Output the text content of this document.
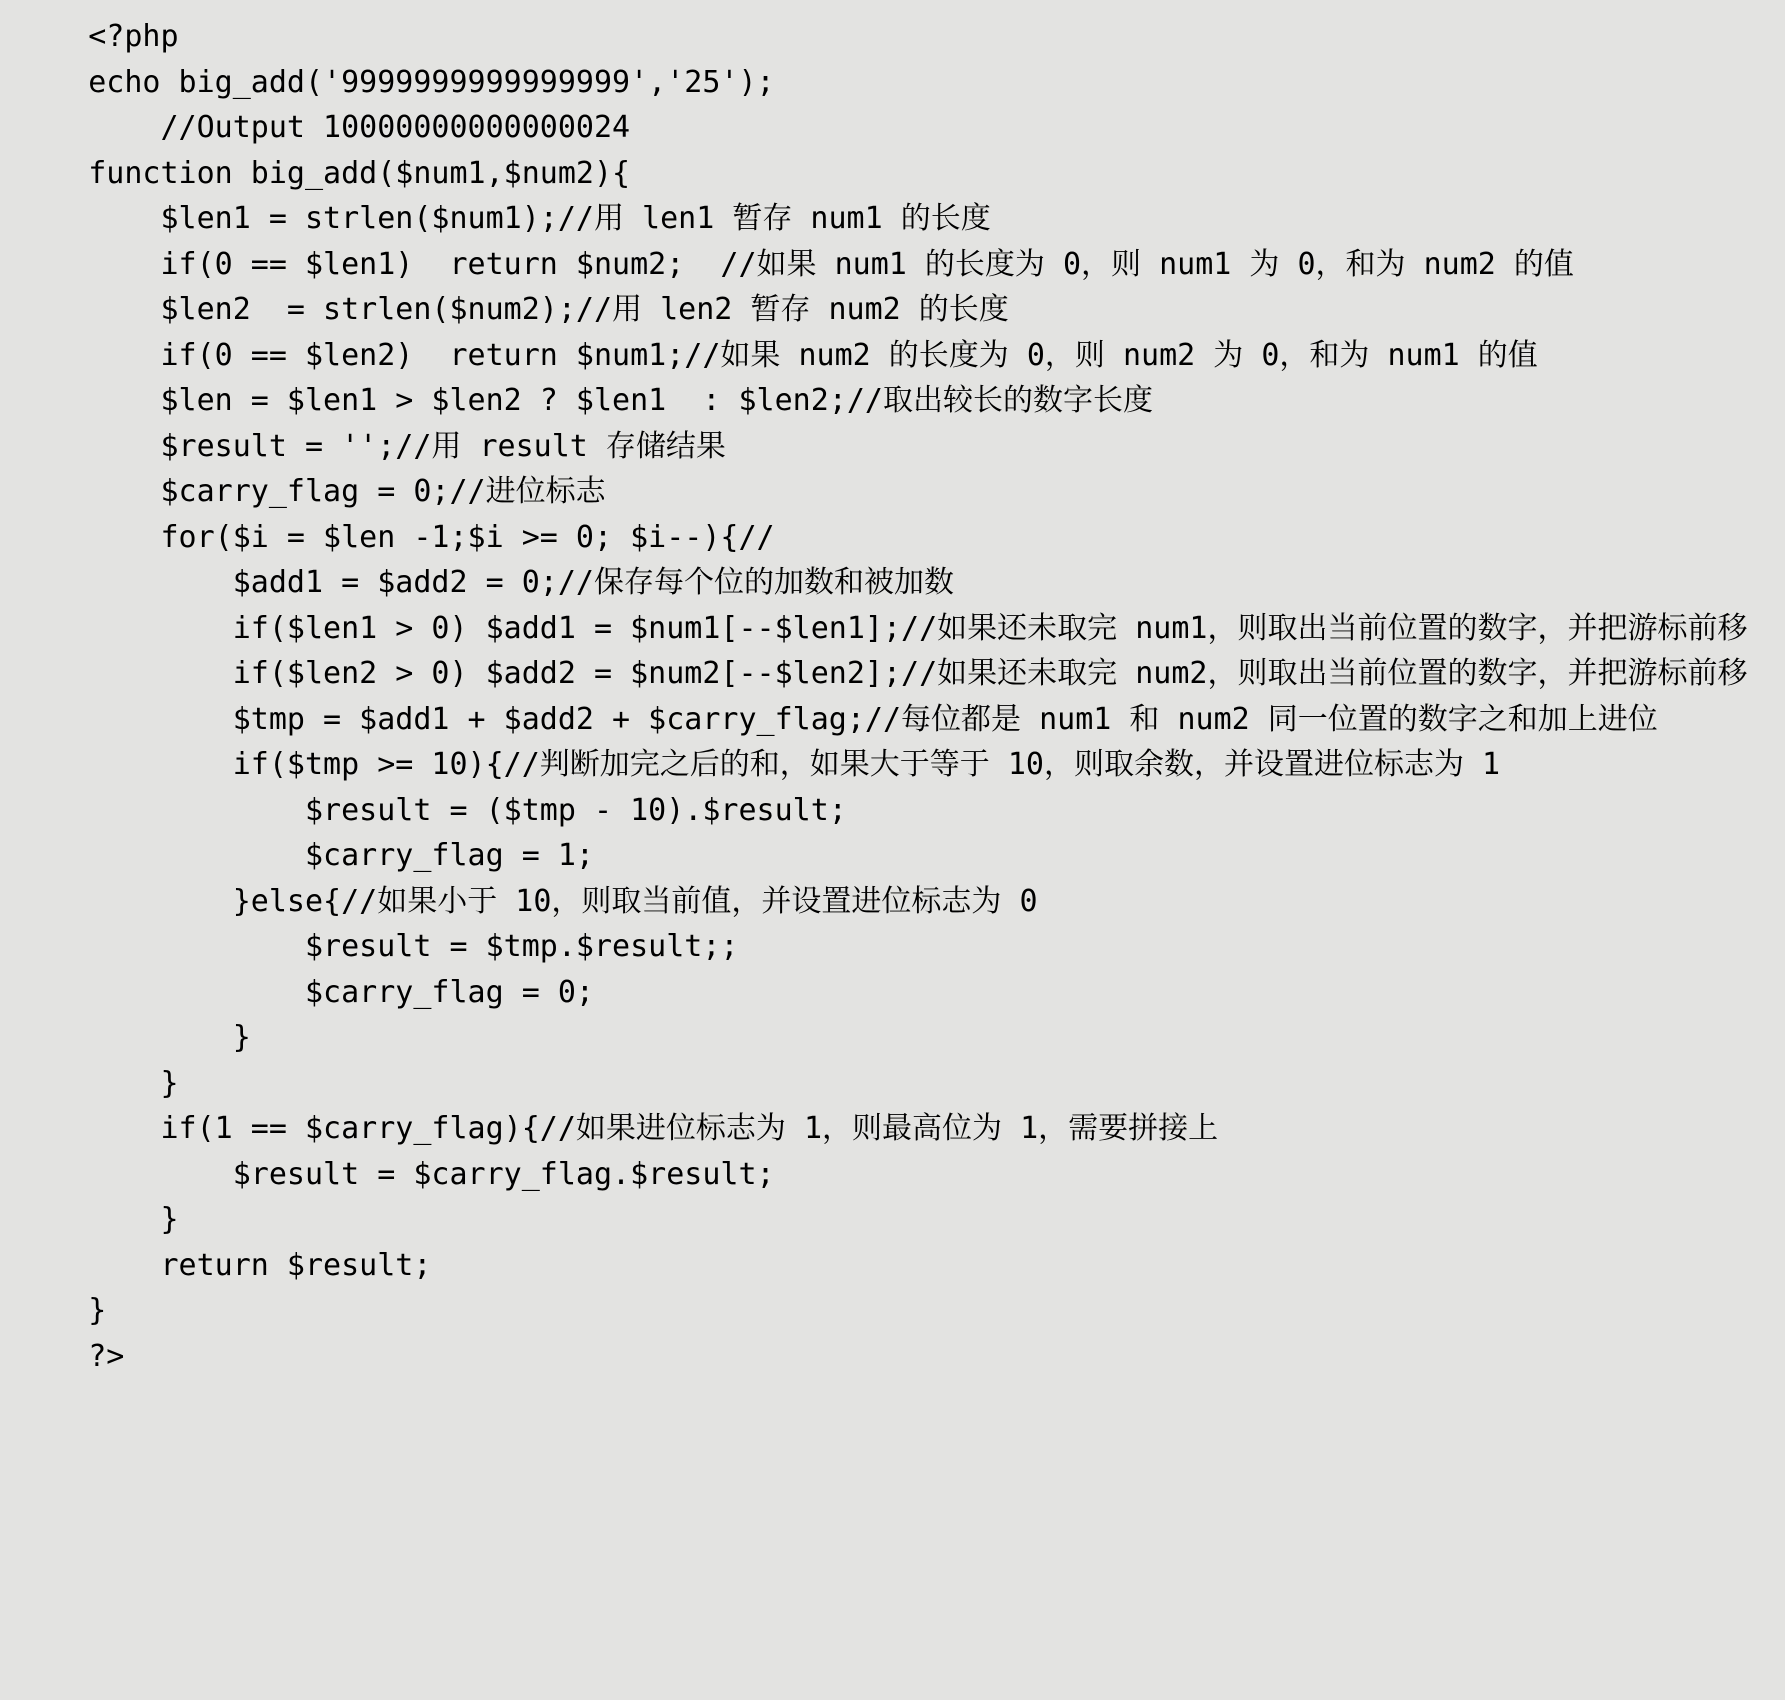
<?php
echo big_add('9999999999999999','25');
//Output 10000000000000024
function big_add($num1,$num2){
$len1 = strlen($num1);//用 len1 暂存 num1 的长度
if(0 == $len1)  return $num2;  //如果 num1 的长度为 0，则 num1 为 0，和为 num2 的值
$len2  = strlen($num2);//用 len2 暂存 num2 的长度
if(0 == $len2)  return $num1;//如果 num2 的长度为 0，则 num2 为 0，和为 num1 的值
$len = $len1 > $len2 ? $len1  : $len2;//取出较长的数字长度
$result = '';//用 result 存储结果
$carry_flag = 0;//进位标志
for($i = $len -1;$i >= 0; $i--){//
$add1 = $add2 = 0;//保存每个位的加数和被加数
if($len1 > 0) $add1 = $num1[--$len1];//如果还未取完 num1，则取出当前位置的数字，并把游标前移
if($len2 > 0) $add2 = $num2[--$len2];//如果还未取完 num2，则取出当前位置的数字，并把游标前移
$tmp = $add1 + $add2 + $carry_flag;//每位都是 num1 和 num2 同一位置的数字之和加上进位
if($tmp >= 10){//判断加完之后的和，如果大于等于 10，则取余数，并设置进位标志为 1
$result = ($tmp - 10).$result;
$carry_flag = 1;
}else{//如果小于 10，则取当前值，并设置进位标志为 0
$result = $tmp.$result;;
$carry_flag = 0;
}
}
if(1 == $carry_flag){//如果进位标志为 1，则最高位为 1，需要拼接上
$result = $carry_flag.$result;
}
return $result;
}
?>
